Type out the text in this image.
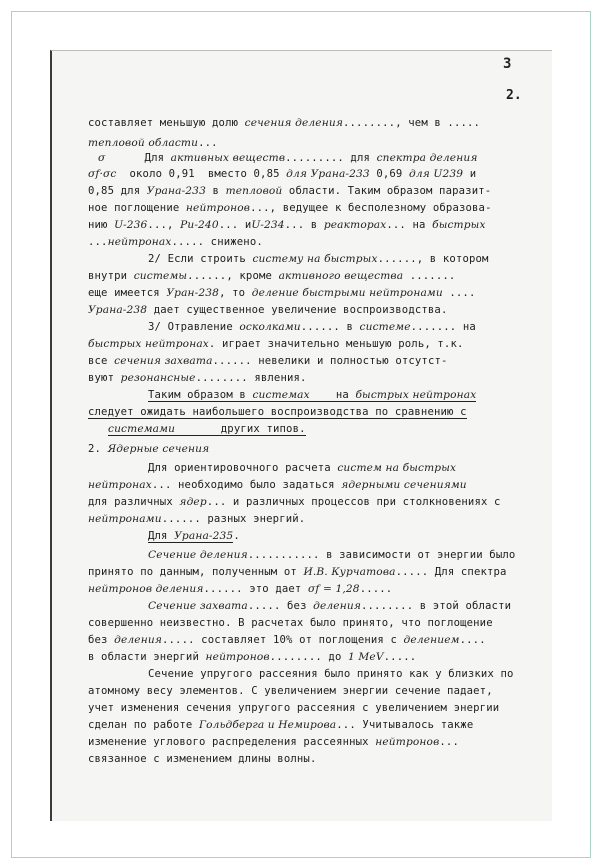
3
2.
составляет меньшую долю сечения деления........, чем в .....
тепловой области...
σ      Для активных веществ......... для спектра деления
σf·σc  около 0,91  вместо 0,85 для Урана-233 0,69 для U239 и
0,85 для Урана-233 в тепловой области. Таким образом паразит-
ное поглощение нейтронов..., ведущее к бесполезному образова-
нию U-236..., Pu-240... иU-234... в реакторах... на быстрых
...нейтронах..... снижено.
2/ Если строить систему на быстрых......, в котором
внутри системы......, кроме активного вещества .......
еще имеется Уран-238, то деление быстрыми нейтронами ....
Урана-238 дает существенное увеличение воспроизводства.
3/ Отравление осколками...... в системе....... на
быстрых нейтронах. играет значительно меньшую роль, т.к.
все сечения захвата...... невелики и полностью отсутст-
вуют резонансные........ явления.
Таким образом в системах    на быстрых нейтронах
следует ожидать наибольшего воспроизводства по сравнению с
системами       других типов.
2. Ядерные сечения
Для ориентировочного расчета систем на быстрых
нейтронах... необходимо было задаться ядерными сечениями
для различных ядер... и различных процессов при столкновениях с
нейтронами...... разных энергий.
Для Урана-235.
Сечение деления........... в зависимости от энергии было
принято по данным, полученным от И.В. Курчатова..... Для спектра
нейтронов деления...... это дает σf = 1,28.....
Сечение захвата..... без деления........ в этой области
совершенно неизвестно. В расчетах было принято, что поглощение
без деления..... составляет 10% от поглощения с делением....
в области энергий нейтронов........ до 1 MeV.....
Сечение упругого рассеяния было принято как у близких по
атомному весу элементов. С увеличением энергии сечение падает,
учет изменения сечения упругого рассеяния с увеличением энергии
сделан по работе Гольдберга и Немирова... Учитывалось также
изменение углового распределения рассеянных нейтронов...
связанное с изменением длины волны.
